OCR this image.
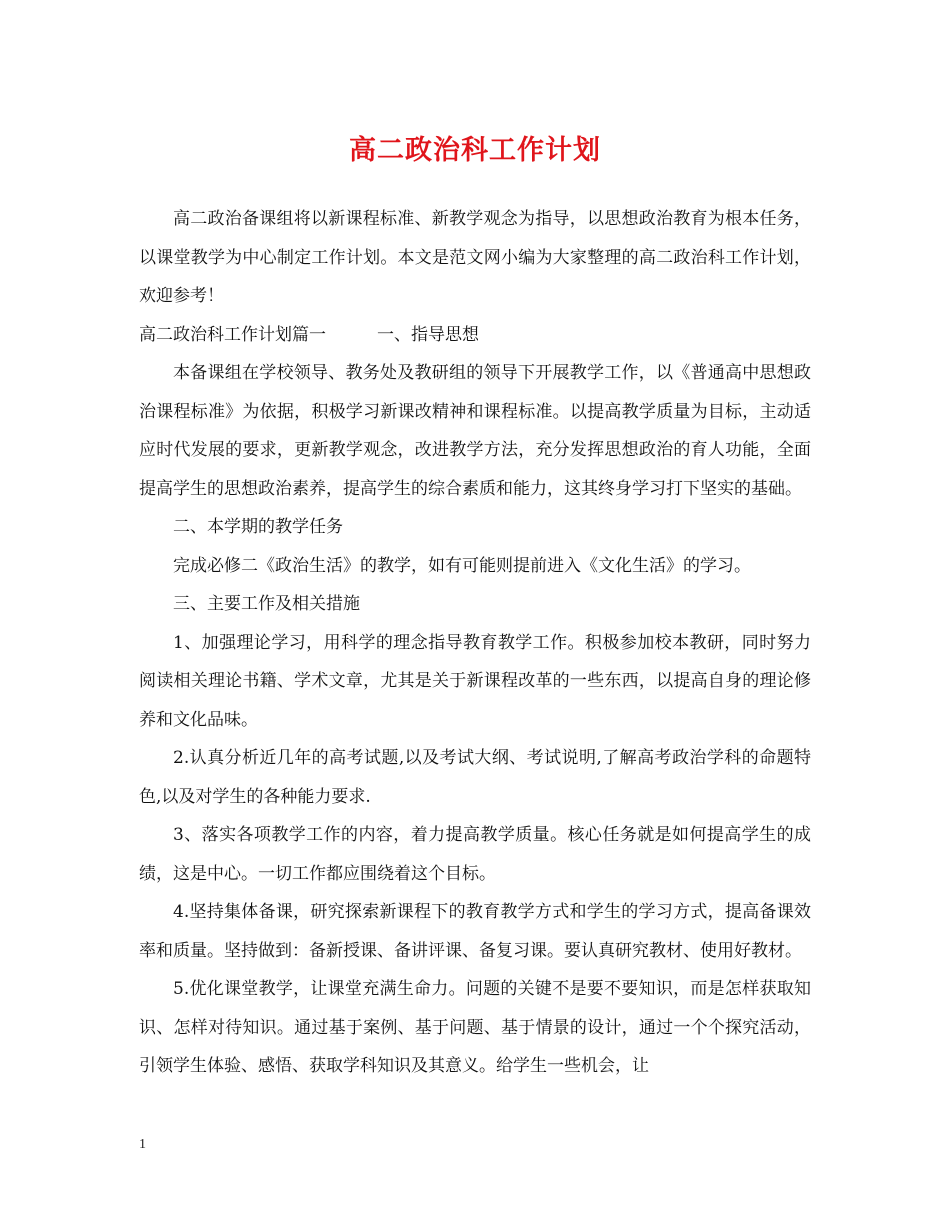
高二政治科工作计划

高二政治备课组将以新课程标准、新教学观念为指导，以思想政治教育为根本任务，以课堂教学为中心制定工作计划。本文是范文网小编为大家整理的高二政治科工作计划，欢迎参考！

高二政治科工作计划篇一　　　一、指导思想

本备课组在学校领导、教务处及教研组的领导下开展教学工作，以《普通高中思想政治课程标准》为依据，积极学习新课改精神和课程标准。以提高教学质量为目标，主动适应时代发展的要求，更新教学观念，改进教学方法，充分发挥思想政治的育人功能，全面提高学生的思想政治素养，提高学生的综合素质和能力，这其终身学习打下坚实的基础。

二、本学期的教学任务

完成必修二《政治生活》的教学，如有可能则提前进入《文化生活》的学习。

三、主要工作及相关措施

1、加强理论学习，用科学的理念指导教育教学工作。积极参加校本教研，同时努力阅读相关理论书籍、学术文章，尤其是关于新课程改革的一些东西，以提高自身的理论修养和文化品味。

2.认真分析近几年的高考试题,以及考试大纲、考试说明,了解高考政治学科的命题特色,以及对学生的各种能力要求.

3、落实各项教学工作的内容，着力提高教学质量。核心任务就是如何提高学生的成绩，这是中心。一切工作都应围绕着这个目标。

4.坚持集体备课，研究探索新课程下的教育教学方式和学生的学习方式，提高备课效率和质量。坚持做到：备新授课、备讲评课、备复习课。要认真研究教材、使用好教材。

5.优化课堂教学，让课堂充满生命力。问题的关键不是要不要知识，而是怎样获取知识、怎样对待知识。通过基于案例、基于问题、基于情景的设计，通过一个个探究活动，引领学生体验、感悟、获取学科知识及其意义。给学生一些机会，让

1
